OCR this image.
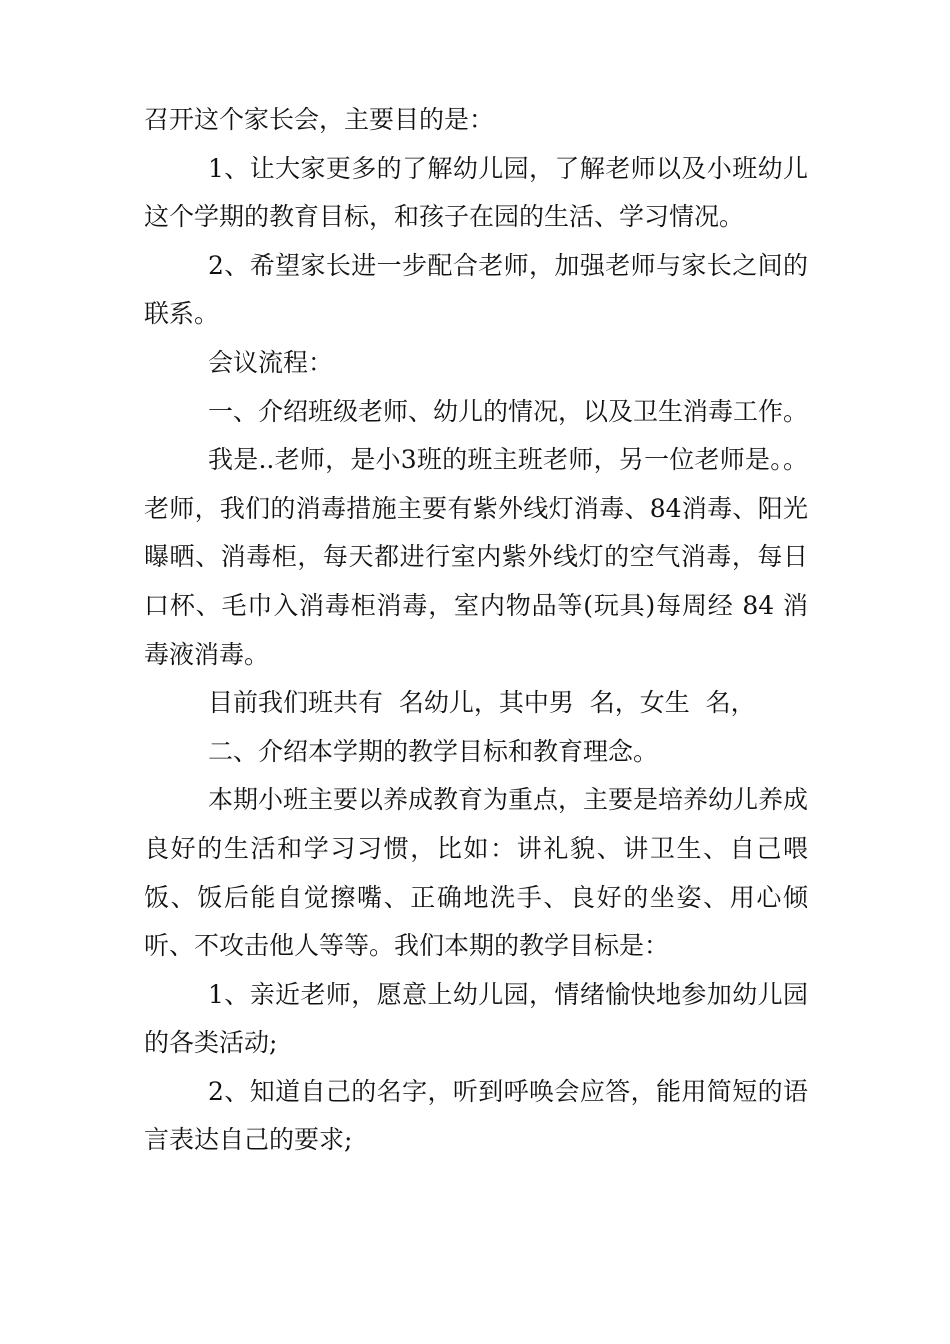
召开这个家长会，主要目的是：

1、让大家更多的了解幼儿园，了解老师以及小班幼儿这个学期的教育目标，和孩子在园的生活、学习情况。

2、希望家长进一步配合老师，加强老师与家长之间的联系。

会议流程：

一、介绍班级老师、幼儿的情况，以及卫生消毒工作。

我是..老师，是小3班的班主班老师，另一位老师是。。老师，我们的消毒措施主要有紫外线灯消毒、84消毒、阳光曝晒、消毒柜，每天都进行室内紫外线灯的空气消毒，每日口杯、毛巾入消毒柜消毒，室内物品等(玩具)每周经 84 消毒液消毒。

目前我们班共有  名幼儿，其中男  名，女生  名，

二、介绍本学期的教学目标和教育理念。

本期小班主要以养成教育为重点，主要是培养幼儿养成良好的生活和学习习惯，比如：讲礼貌、讲卫生、自己喂饭、饭后能自觉擦嘴、正确地洗手、良好的坐姿、用心倾听、不攻击他人等等。我们本期的教学目标是：

1、亲近老师，愿意上幼儿园，情绪愉快地参加幼儿园的各类活动;

2、知道自己的名字，听到呼唤会应答，能用简短的语言表达自己的要求;
